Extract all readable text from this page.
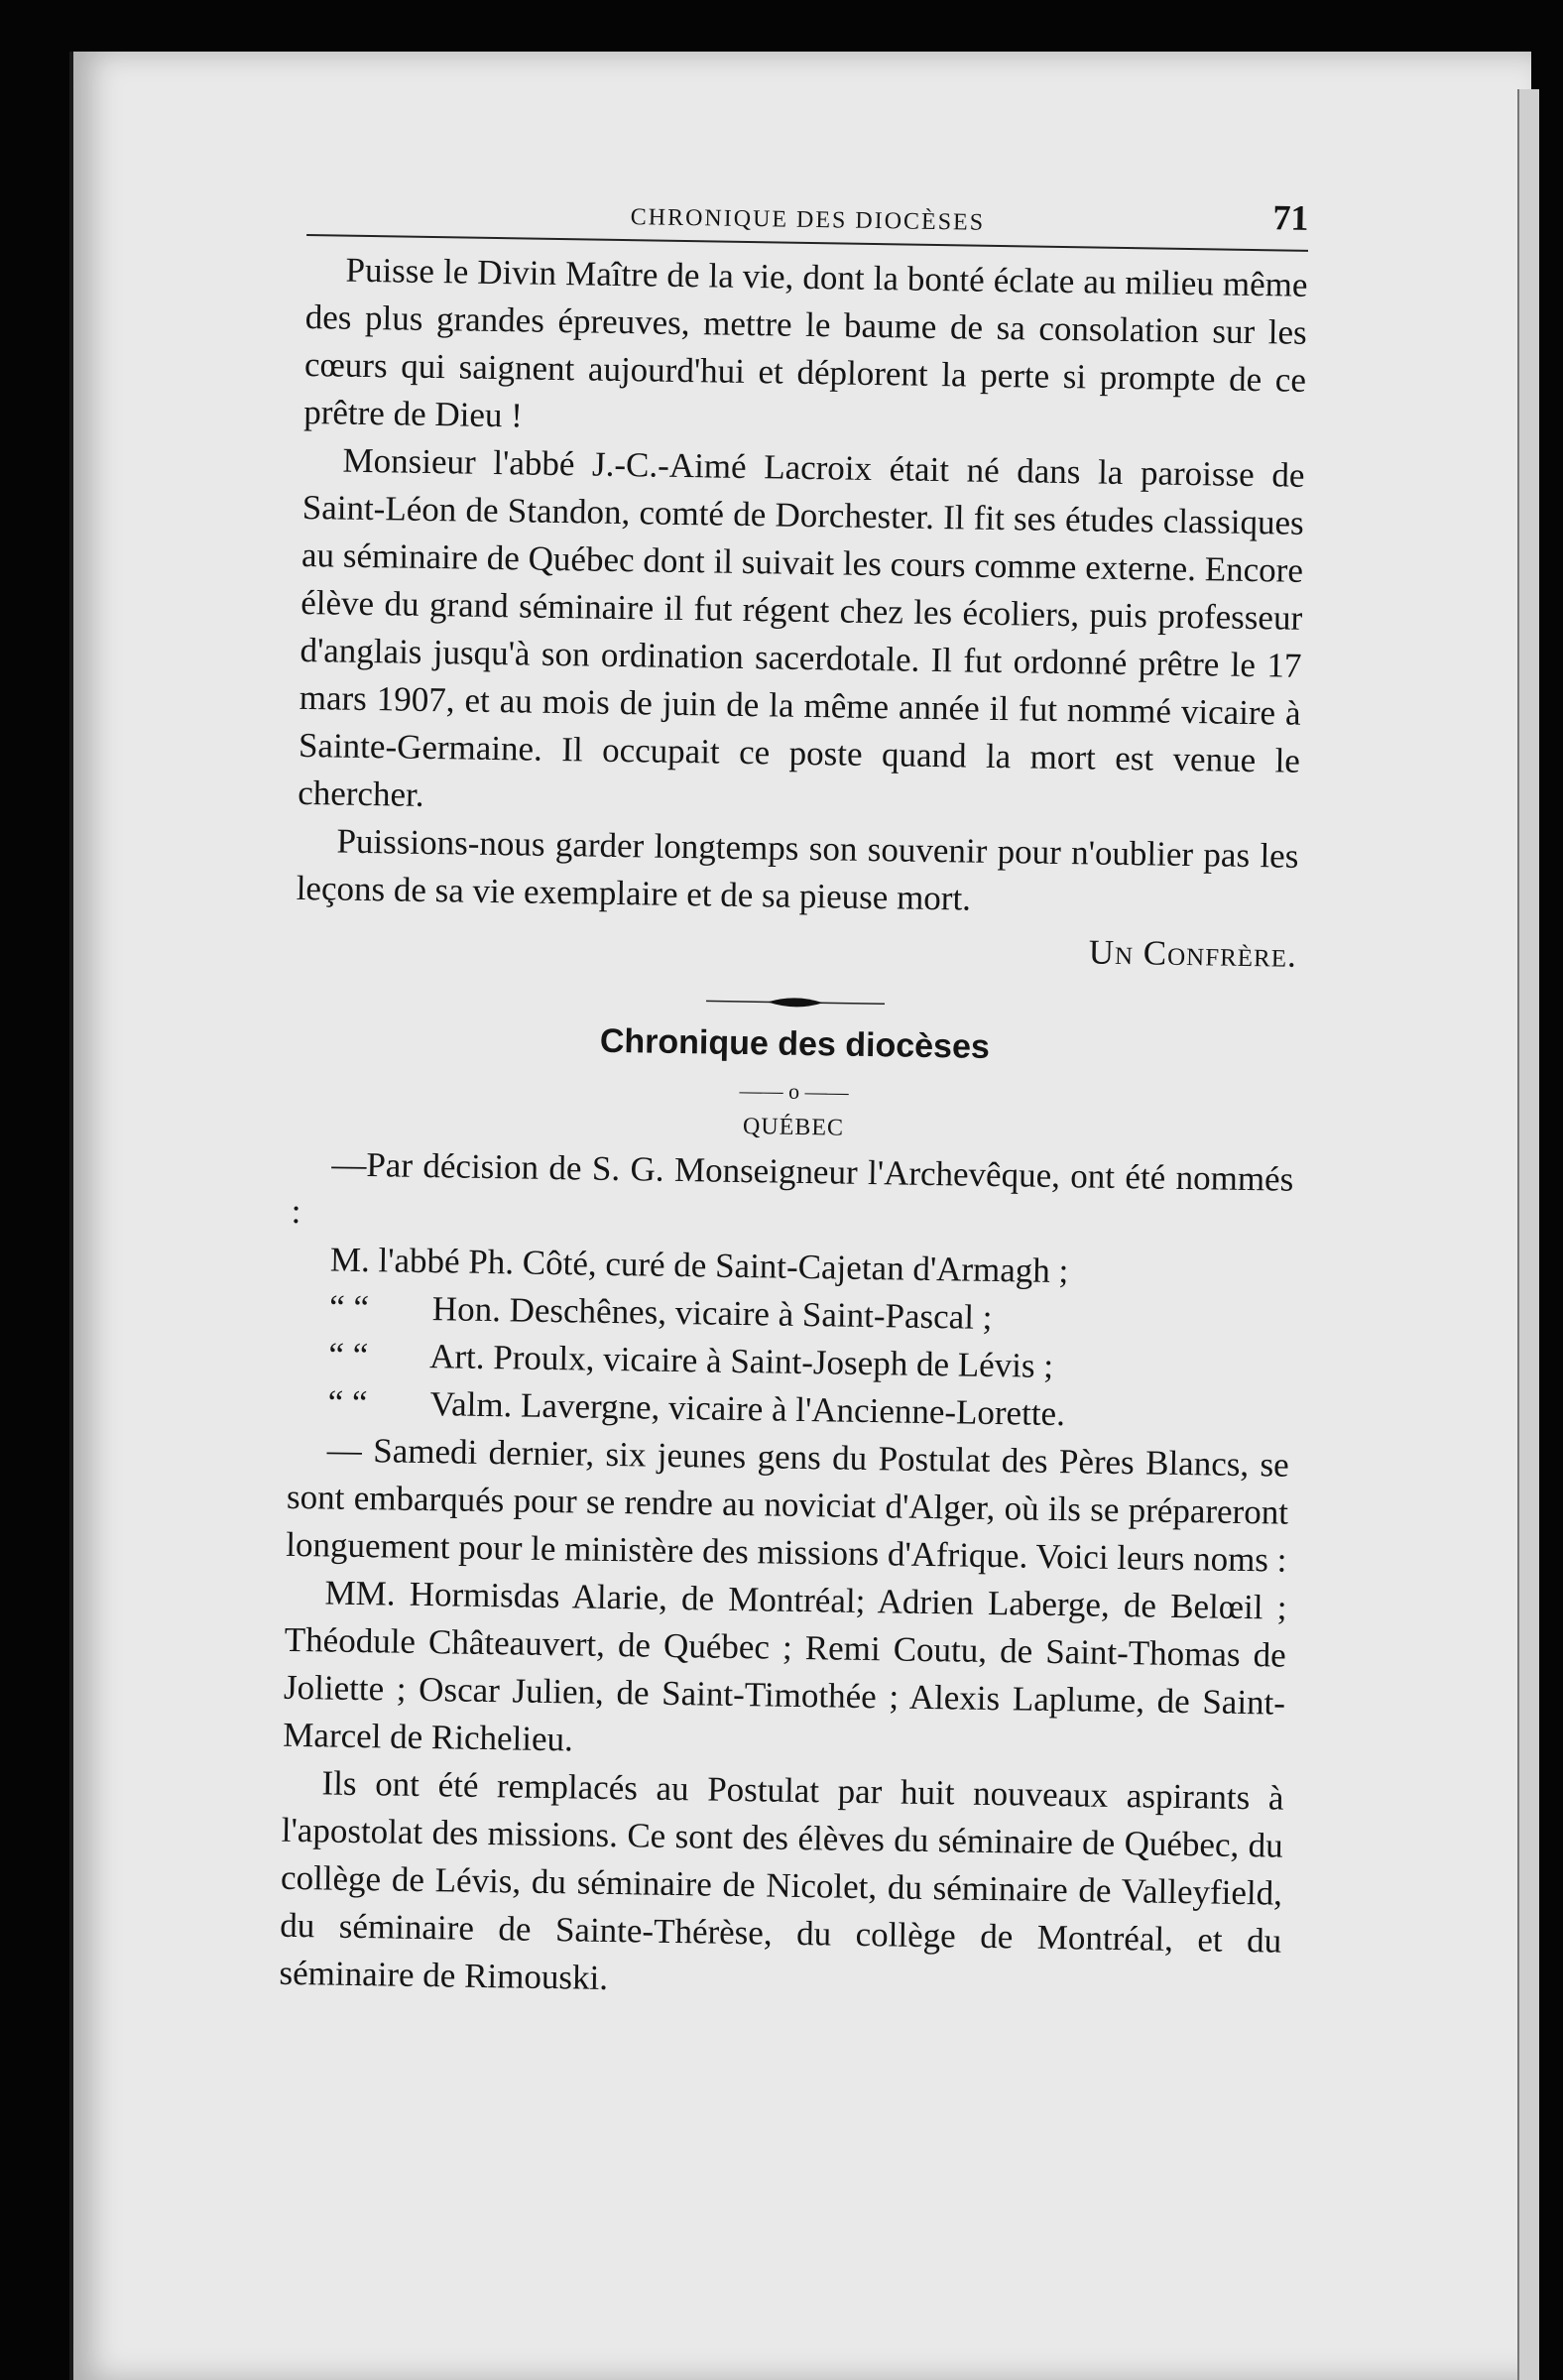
CHRONIQUE DES DIOCÈSES	71

Puisse le Divin Maître de la vie, dont la bonté éclate au milieu même des plus grandes épreuves, mettre le baume de sa consolation sur les cœurs qui saignent aujourd'hui et déplorent la perte si prompte de ce prêtre de Dieu !

Monsieur l'abbé J.-C.-Aimé Lacroix était né dans la paroisse de Saint-Léon de Standon, comté de Dorchester. Il fit ses études classiques au séminaire de Québec dont il suivait les cours comme externe. Encore élève du grand séminaire il fut régent chez les écoliers, puis professeur d'anglais jusqu'à son ordination sacerdotale. Il fut ordonné prêtre le 17 mars 1907, et au mois de juin de la même année il fut nommé vicaire à Sainte-Germaine. Il occupait ce poste quand la mort est venue le chercher.

Puissions-nous garder longtemps son souvenir pour n'oublier pas les leçons de sa vie exemplaire et de sa pieuse mort.

Un Confrère.
Chronique des diocèses
—— o ——
QUÉBEC

—Par décision de S. G. Monseigneur l'Archevêque, ont été nommés :

M. l'abbé Ph. Côté, curé de Saint-Cajetan d'Armagh ;
“ “ Hon. Deschênes, vicaire à Saint-Pascal ;
“ “ Art. Proulx, vicaire à Saint-Joseph de Lévis ;
“ “ Valm. Lavergne, vicaire à l'Ancienne-Lorette.

— Samedi dernier, six jeunes gens du Postulat des Pères Blancs, se sont embarqués pour se rendre au noviciat d'Alger, où ils se prépareront longuement pour le ministère des missions d'Afrique. Voici leurs noms :

MM. Hormisdas Alarie, de Montréal; Adrien Laberge, de Belœil ; Théodule Châteauvert, de Québec ; Remi Coutu, de Saint-Thomas de Joliette ; Oscar Julien, de Saint-Timothée ; Alexis Laplume, de Saint-Marcel de Richelieu.

Ils ont été remplacés au Postulat par huit nouveaux aspirants à l'apostolat des missions. Ce sont des élèves du séminaire de Québec, du collège de Lévis, du séminaire de Nicolet, du séminaire de Valleyfield, du séminaire de Sainte-Thérèse, du collège de Montréal, et du séminaire de Rimouski.
